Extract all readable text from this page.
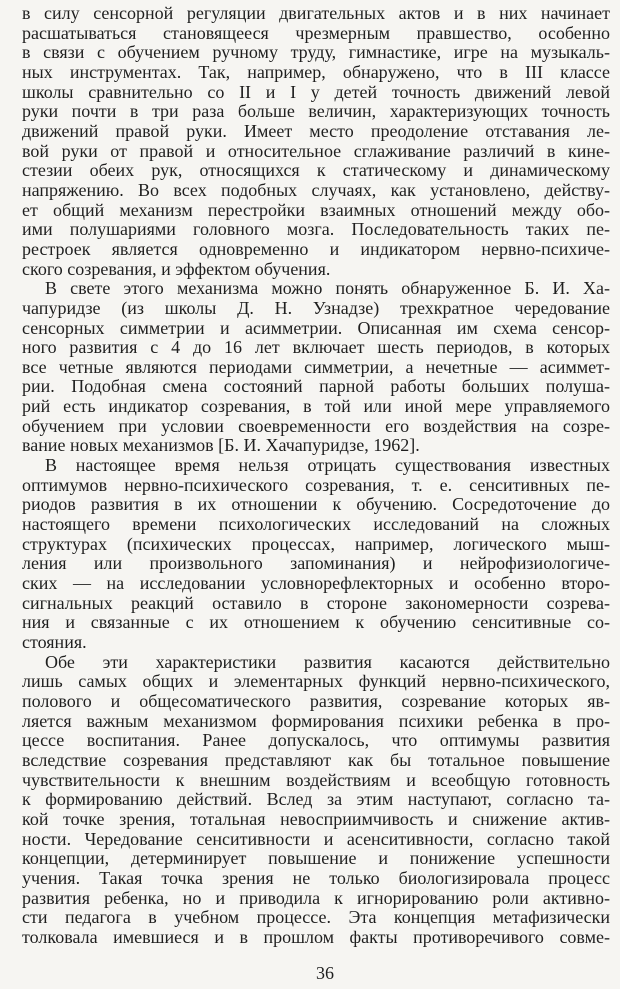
в силу сенсорной регуляции двигательных актов и в них начинает
расшатываться становящееся чрезмерным правшество, особенно
в связи с обучением ручному труду, гимнастике, игре на музыкаль-
ных инструментах. Так, например, обнаружено, что в III классе
школы сравнительно со II и I у детей точность движений левой
руки почти в три раза больше величин, характеризующих точность
движений правой руки. Имеет место преодоление отставания ле-
вой руки от правой и относительное сглаживание различий в кине-
стезии обеих рук, относящихся к статическому и динамическому
напряжению. Во всех подобных случаях, как установлено, действу-
ет общий механизм перестройки взаимных отношений между обо-
ими полушариями головного мозга. Последовательность таких пе-
рестроек является одновременно и индикатором нервно-психиче-
ского созревания, и эффектом обучения.
В свете этого механизма можно понять обнаруженное Б. И. Ха-
чапуридзе (из школы Д. Н. Узнадзе) трехкратное чередование
сенсорных симметрии и асимметрии. Описанная им схема сенсор-
ного развития с 4 до 16 лет включает шесть периодов, в которых
все четные являются периодами симметрии, а нечетные — асиммет-
рии. Подобная смена состояний парной работы больших полуша-
рий есть индикатор созревания, в той или иной мере управляемого
обучением при условии своевременности его воздействия на созре-
вание новых механизмов [Б. И. Хачапуридзе, 1962].
В настоящее время нельзя отрицать существования известных
оптимумов нервно-психического созревания, т. е. сенситивных пе-
риодов развития в их отношении к обучению. Сосредоточение до
настоящего времени психологических исследований на сложных
структурах (психических процессах, например, логического мыш-
ления или произвольного запоминания) и нейрофизиологиче-
ских — на исследовании условнорефлекторных и особенно второ-
сигнальных реакций оставило в стороне закономерности созрева-
ния и связанные с их отношением к обучению сенситивные со-
стояния.
Обе эти характеристики развития касаются действительно
лишь самых общих и элементарных функций нервно-психического,
полового и общесоматического развития, созревание которых яв-
ляется важным механизмом формирования психики ребенка в про-
цессе воспитания. Ранее допускалось, что оптимумы развития
вследствие созревания представляют как бы тотальное повышение
чувствительности к внешним воздействиям и всеобщую готовность
к формированию действий. Вслед за этим наступают, согласно та-
кой точке зрения, тотальная невосприимчивость и снижение актив-
ности. Чередование сенситивности и асенситивности, согласно такой
концепции, детерминирует повышение и понижение успешности
учения. Такая точка зрения не только биологизировала процесс
развития ребенка, но и приводила к игнорированию роли активно-
сти педагога в учебном процессе. Эта концепция метафизически
толковала имевшиеся и в прошлом факты противоречивого совме-
36
